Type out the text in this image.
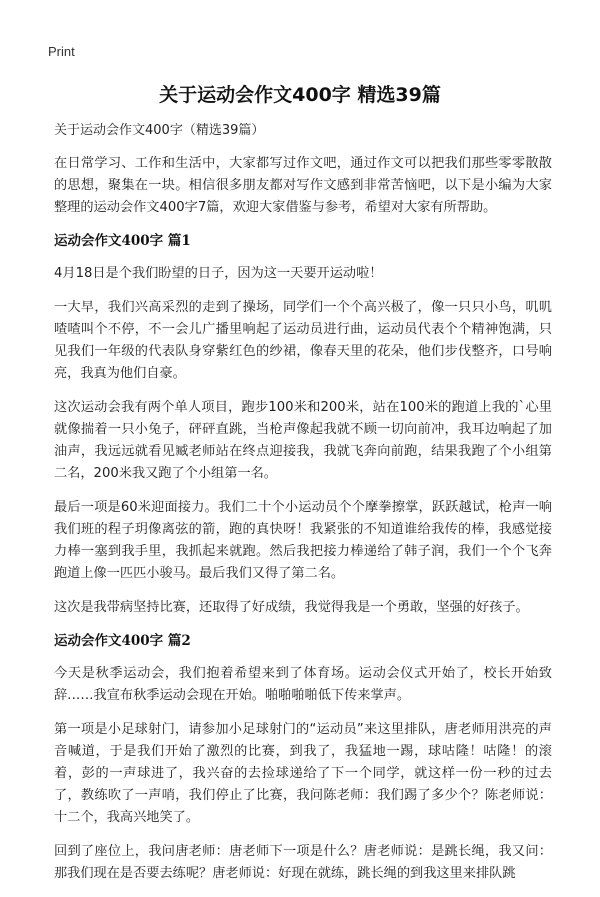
Print
关于运动会作文400字 精选39篇

关于运动会作文400字（精选39篇）

在日常学习、工作和生活中，大家都写过作文吧，通过作文可以把我们那些零零散散的思想，聚集在一块。相信很多朋友都对写作文感到非常苦恼吧，以下是小编为大家整理的运动会作文400字7篇，欢迎大家借鉴与参考，希望对大家有所帮助。

运动会作文400字 篇1

4月18日是个我们盼望的日子，因为这一天要开运动啦！

一大早，我们兴高采烈的走到了操场，同学们一个个高兴极了，像一只只小鸟，叽叽喳喳叫个不停，不一会儿广播里响起了运动员进行曲，运动员代表个个精神饱满，只见我们一年级的代表队身穿紫红色的纱裙，像春天里的花朵，他们步伐整齐，口号响亮，我真为他们自豪。

这次运动会我有两个单人项目，跑步100米和200米，站在100米的跑道上我的`心里就像揣着一只小兔子，砰砰直跳，当枪声像起我就不顾一切向前冲，我耳边响起了加油声，我远远就看见臧老师站在终点迎接我，我就飞奔向前跑，结果我跑了个小组第二名，200米我又跑了个小组第一名。

最后一项是60米迎面接力。我们二十个小运动员个个摩拳擦掌，跃跃越试，枪声一响我们班的程子玥像离弦的箭，跑的真快呀！我紧张的不知道谁给我传的棒，我感觉接力棒一塞到我手里，我抓起来就跑。然后我把接力棒递给了韩子润，我们一个个飞奔跑道上像一匹匹小骏马。最后我们又得了第二名。

这次是我带病坚持比赛，还取得了好成绩，我觉得我是一个勇敢，坚强的好孩子。

运动会作文400字 篇2

今天是秋季运动会，我们抱着希望来到了体育场。运动会仪式开始了，校长开始致辞……我宣布秋季运动会现在开始。啪啪啪啪低下传来掌声。

第一项是小足球射门，请参加小足球射门的“运动员”来这里排队，唐老师用洪亮的声音喊道，于是我们开始了激烈的比赛，到我了，我猛地一踢，球咕隆！咕隆！的滚着，彭的一声球进了，我兴奋的去捡球递给了下一个同学，就这样一份一秒的过去了，教练吹了一声哨，我们停止了比赛，我问陈老师：我们踢了多少个？陈老师说：十二个，我高兴地笑了。

回到了座位上，我问唐老师：唐老师下一项是什么？唐老师说：是跳长绳，我又问：那我们现在是否要去练呢？唐老师说：好现在就练，跳长绳的到我这里来排队跳
